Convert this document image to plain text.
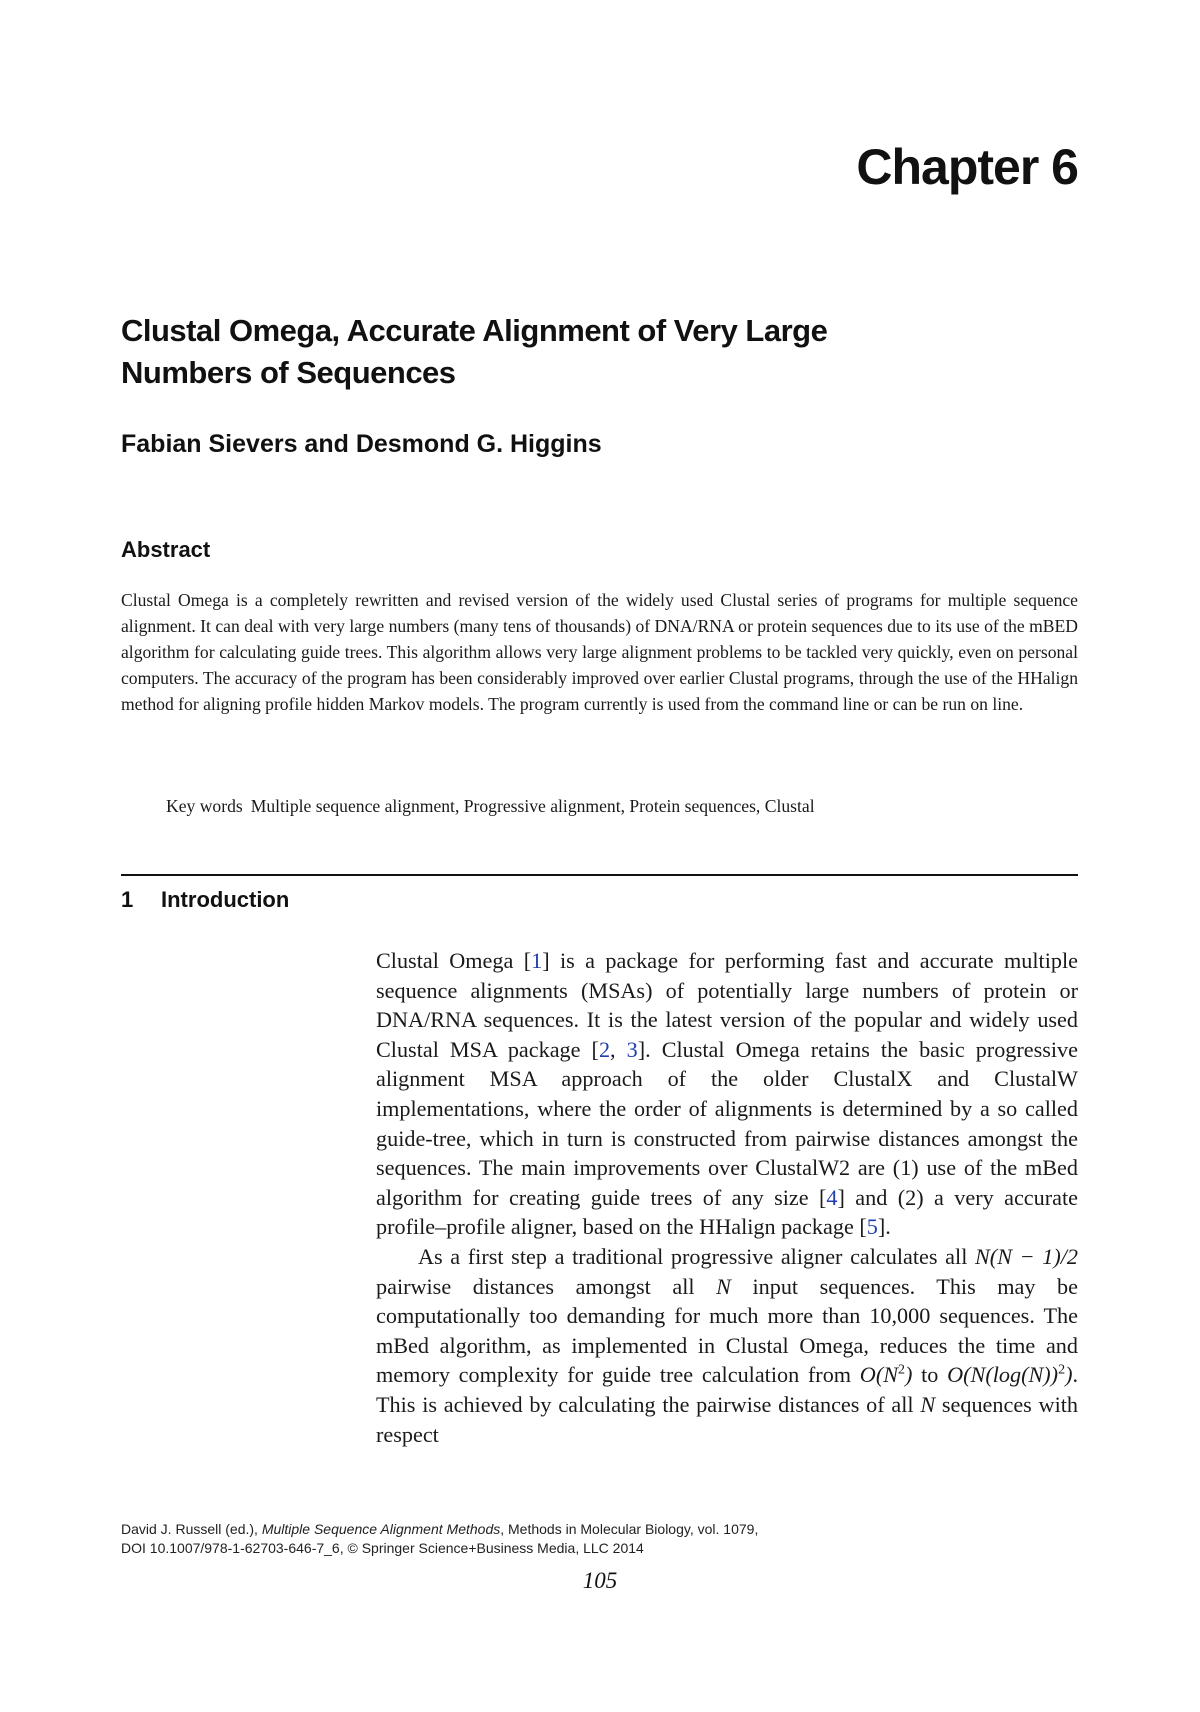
Chapter 6
Clustal Omega, Accurate Alignment of Very Large
Numbers of Sequences
Fabian Sievers and Desmond G. Higgins
Abstract
Clustal Omega is a completely rewritten and revised version of the widely used Clustal series of programs for multiple sequence alignment. It can deal with very large numbers (many tens of thousands) of DNA/RNA or protein sequences due to its use of the mBED algorithm for calculating guide trees. This algorithm allows very large alignment problems to be tackled very quickly, even on personal computers. The accuracy of the program has been considerably improved over earlier Clustal programs, through the use of the HHalign method for aligning profile hidden Markov models. The program currently is used from the command line or can be run on line.
Key words Multiple sequence alignment, Progressive alignment, Protein sequences, Clustal
1 Introduction

Clustal Omega [1] is a package for performing fast and accurate multiple sequence alignments (MSAs) of potentially large numbers of protein or DNA/RNA sequences. It is the latest version of the popular and widely used Clustal MSA package [2, 3]. Clustal Omega retains the basic progressive alignment MSA approach of the older ClustalX and ClustalW implementations, where the order of alignments is determined by a so called guide-tree, which in turn is constructed from pairwise distances amongst the sequences. The main improvements over ClustalW2 are (1) use of the mBed algorithm for creating guide trees of any size [4] and (2) a very accurate profile–profile aligner, based on the HHalign package [5].

As a first step a traditional progressive aligner calculates all N(N − 1)/2 pairwise distances amongst all N input sequences. This may be computationally too demanding for much more than 10,000 sequences. The mBed algorithm, as implemented in Clustal Omega, reduces the time and memory complexity for guide tree calculation from $O(N^2)$ to $O(N(\log(N))^2)$. This is achieved by calculating the pairwise distances of all N sequences with respect

David J. Russell (ed.), Multiple Sequence Alignment Methods, Methods in Molecular Biology, vol. 1079,
DOI 10.1007/978-1-62703-646-7_6, © Springer Science+Business Media, LLC 2014
105
